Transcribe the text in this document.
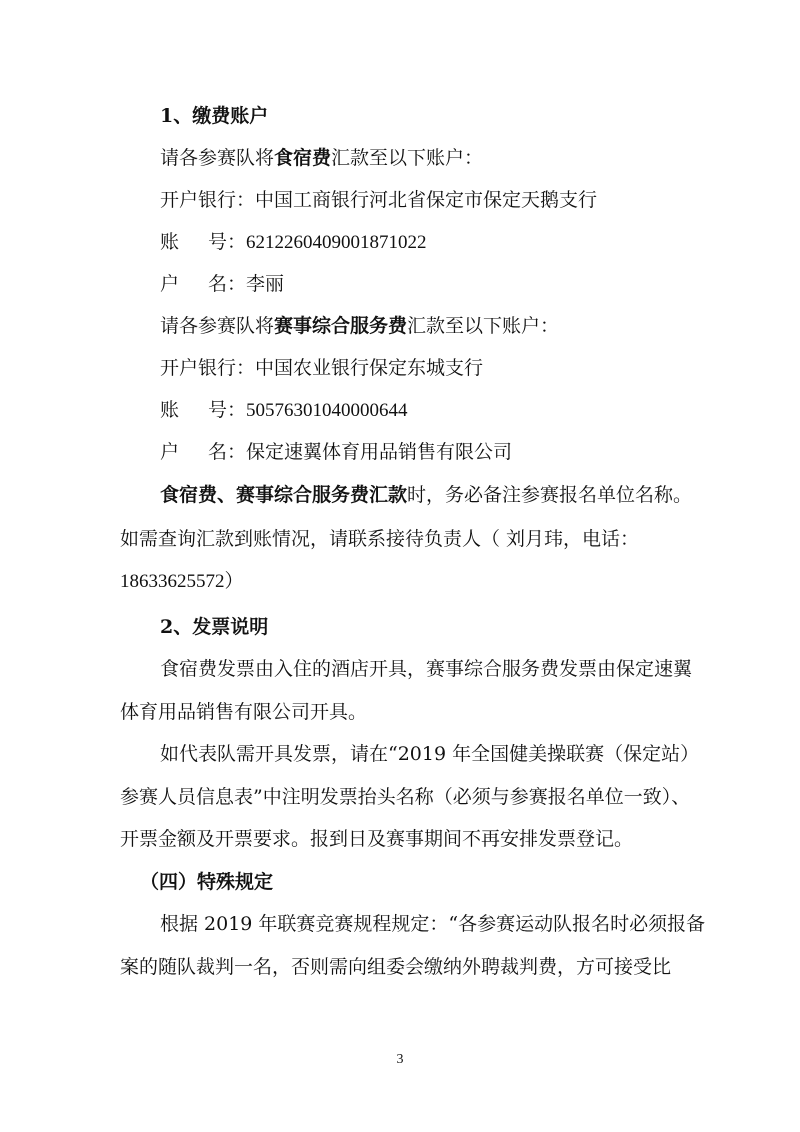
1、缴费账户
请各参赛队将食宿费汇款至以下账户：
开户银行：中国工商银行河北省保定市保定天鹅支行
账 号：6212260409001871022
户 名：李丽
请各参赛队将赛事综合服务费汇款至以下账户：
开户银行：中国农业银行保定东城支行
账 号：50576301040000644
户 名：保定速翼体育用品销售有限公司
食宿费、赛事综合服务费汇款时，务必备注参赛报名单位名称。
如需查询汇款到账情况，请联系接待负责人（ 刘月玮，电话：
18633625572）
2、发票说明
食宿费发票由入住的酒店开具，赛事综合服务费发票由保定速翼
体育用品销售有限公司开具。
如代表队需开具发票，请在“2019 年全国健美操联赛（保定站）
参赛人员信息表”中注明发票抬头名称（必须与参赛报名单位一致）、
开票金额及开票要求。报到日及赛事期间不再安排发票登记。
（四）特殊规定
根据 2019 年联赛竞赛规程规定：“各参赛运动队报名时必须报备
案的随队裁判一名，否则需向组委会缴纳外聘裁判费，方可接受比
3
